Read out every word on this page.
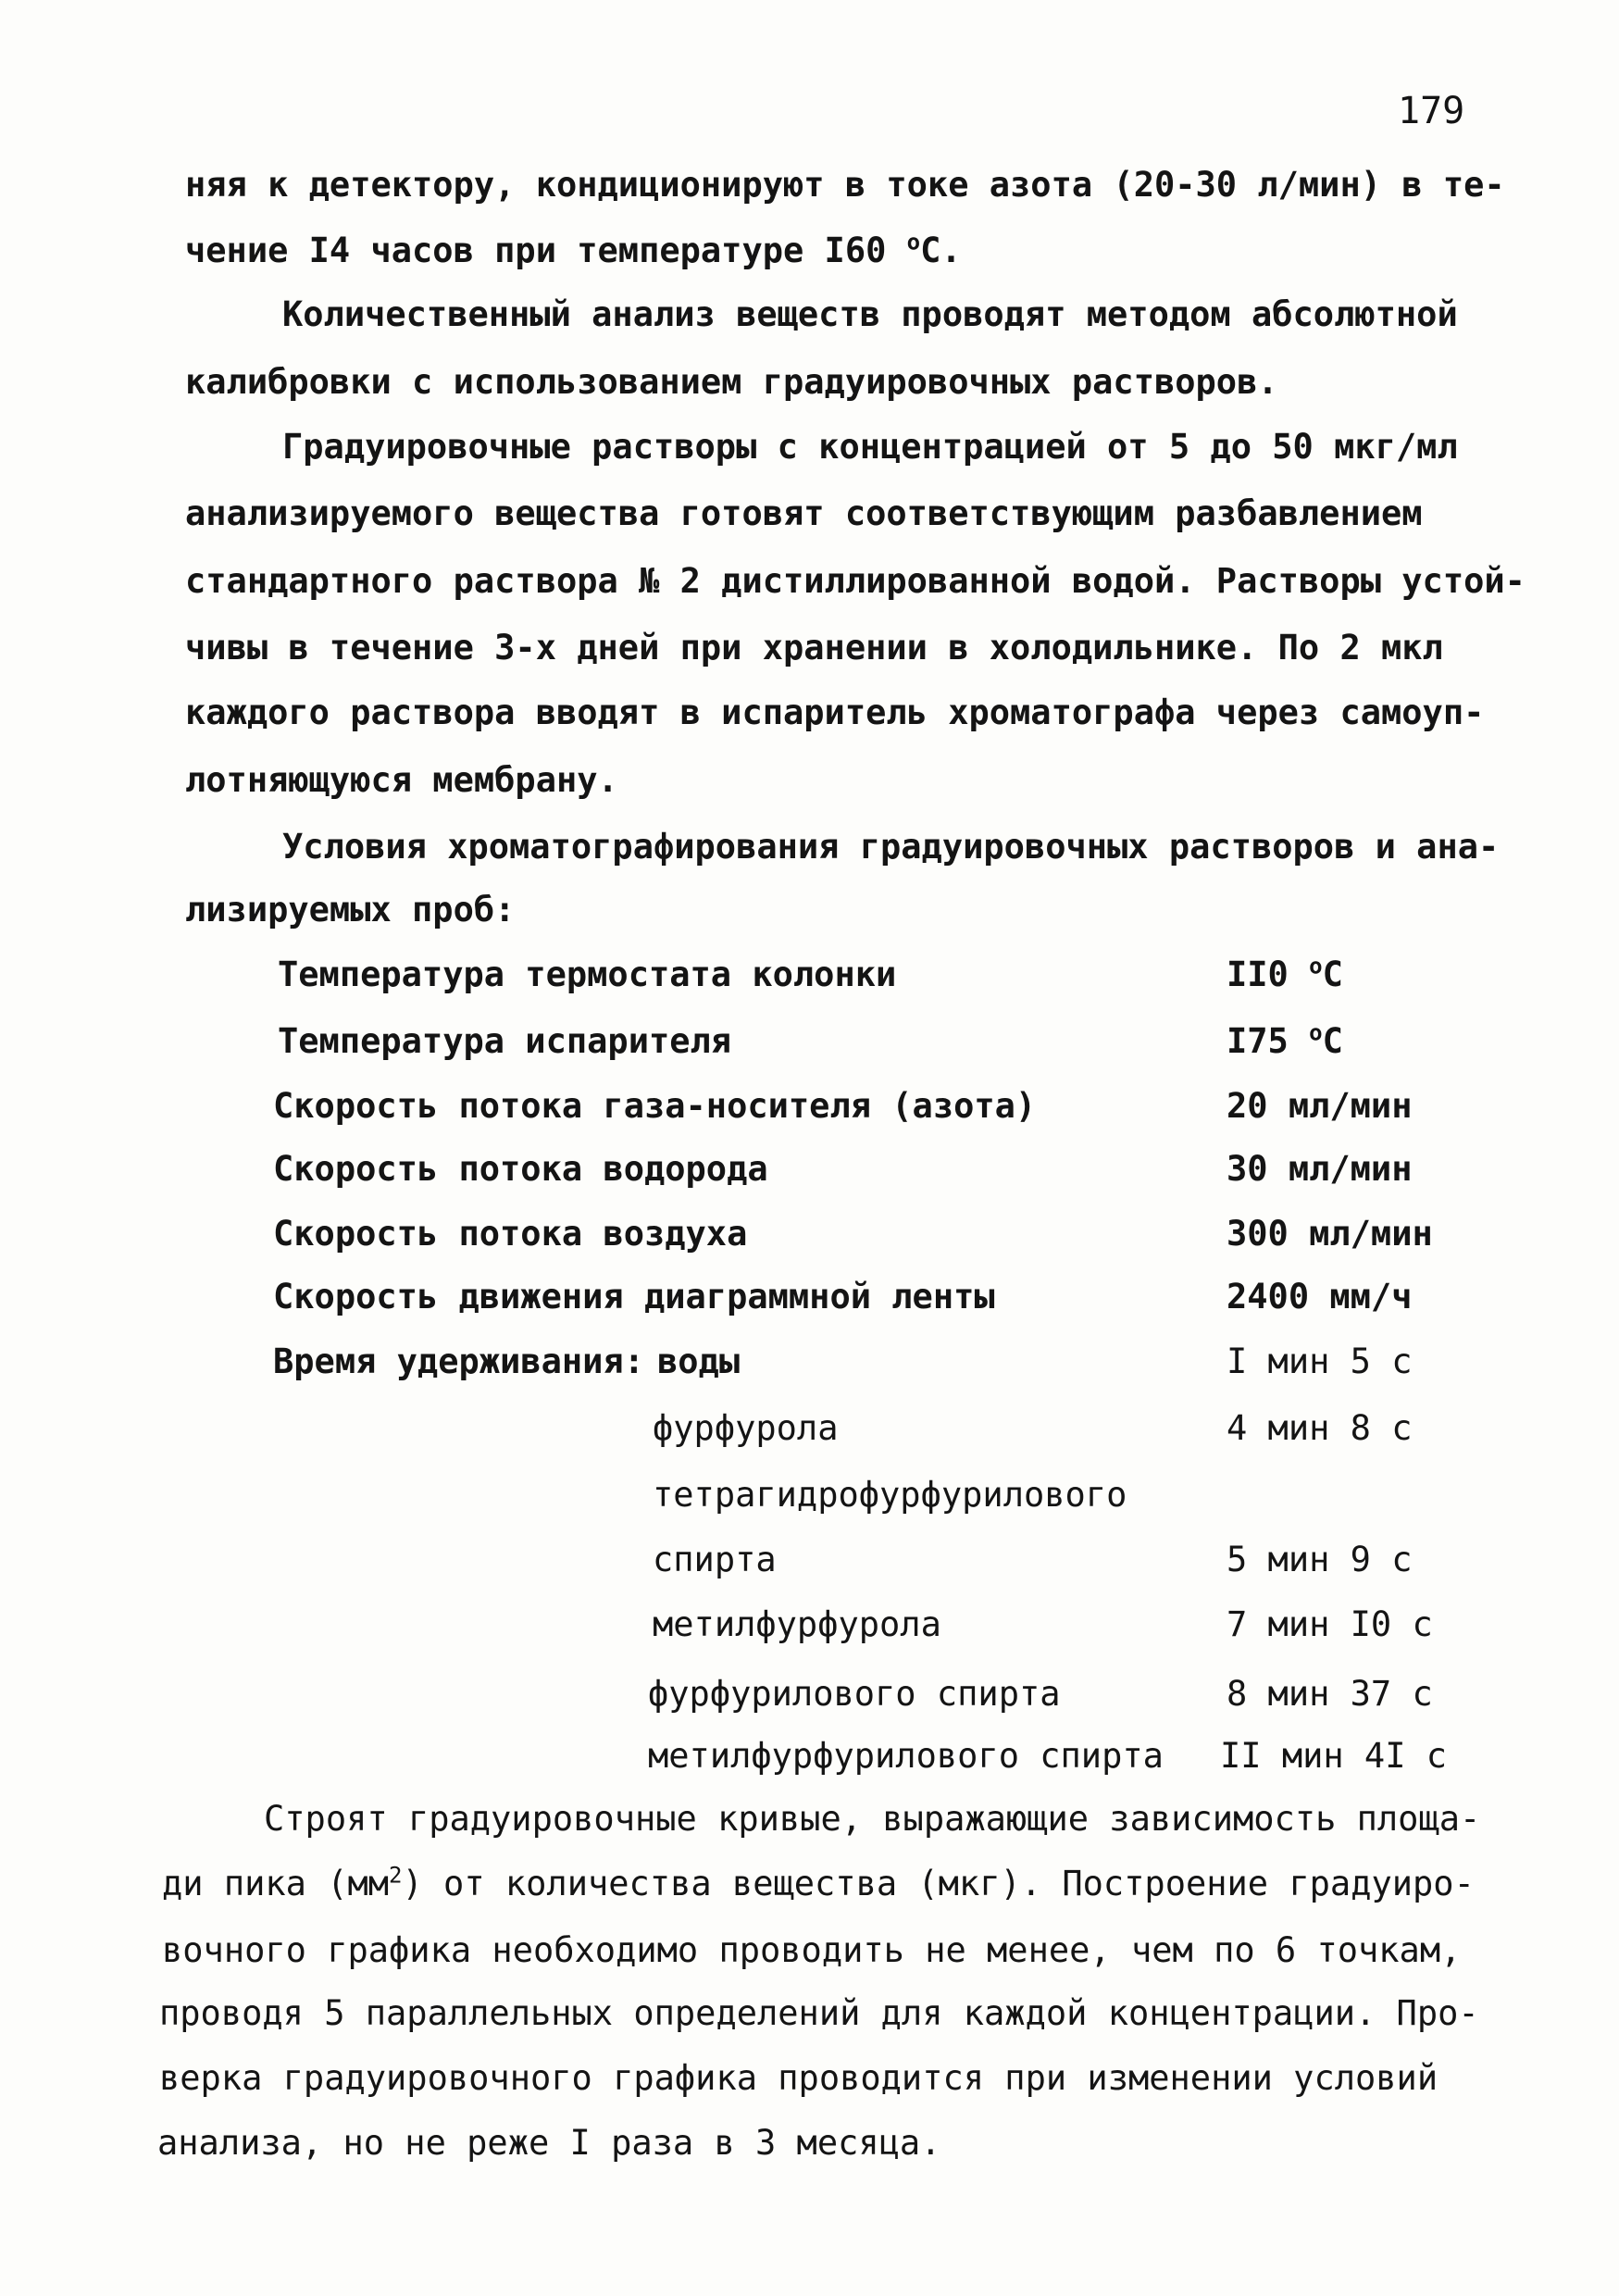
179
няя к детектору, кондиционируют в токе азота (20-30 л/мин) в те-
чение I4 часов при температуре I60 $^o$C.
Количественный анализ веществ проводят методом абсолютной
калибровки с использованием градуировочных растворов.
Градуировочные растворы с концентрацией от 5 до 50 мкг/мл
анализируемого вещества готовят соответствующим разбавлением
стандартного раствора № 2 дистиллированной водой. Растворы устой-
чивы в течение 3-х дней при хранении в холодильнике. По 2 мкл
каждого раствора вводят в испаритель хроматографа через самоуп-
лотняющуюся мембрану.
Условия хроматографирования градуировочных растворов и ана-
лизируемых проб:
Температура термостата колонки	II0 $^o$C
Температура испарителя	I75 $^o$C
Скорость потока газа-носителя (азота)	20 мл/мин
Скорость потока водорода	30 мл/мин
Скорость потока воздуха	300 мл/мин
Скорость движения диаграммной ленты	2400 мм/ч
Время удерживания: воды	I мин 5 с
фурфурола	4 мин 8 с
тетрагидрофурфурилового
спирта	5 мин 9 с
метилфурфурола	7 мин I0 с
фурфурилового спирта	8 мин 37 с
метилфурфурилового спирта II мин 4I с
Строят градуировочные кривые, выражающие зависимость площа-
ди пика $(мм^2)$ от количества вещества (мкг). Построение градуиро-
вочного графика необходимо проводить не менее, чем по 6 точкам,
проводя 5 параллельных определений для каждой концентрации. Про-
верка градуировочного графика проводится при изменении условий
анализа, но не реже I раза в 3 месяца.
